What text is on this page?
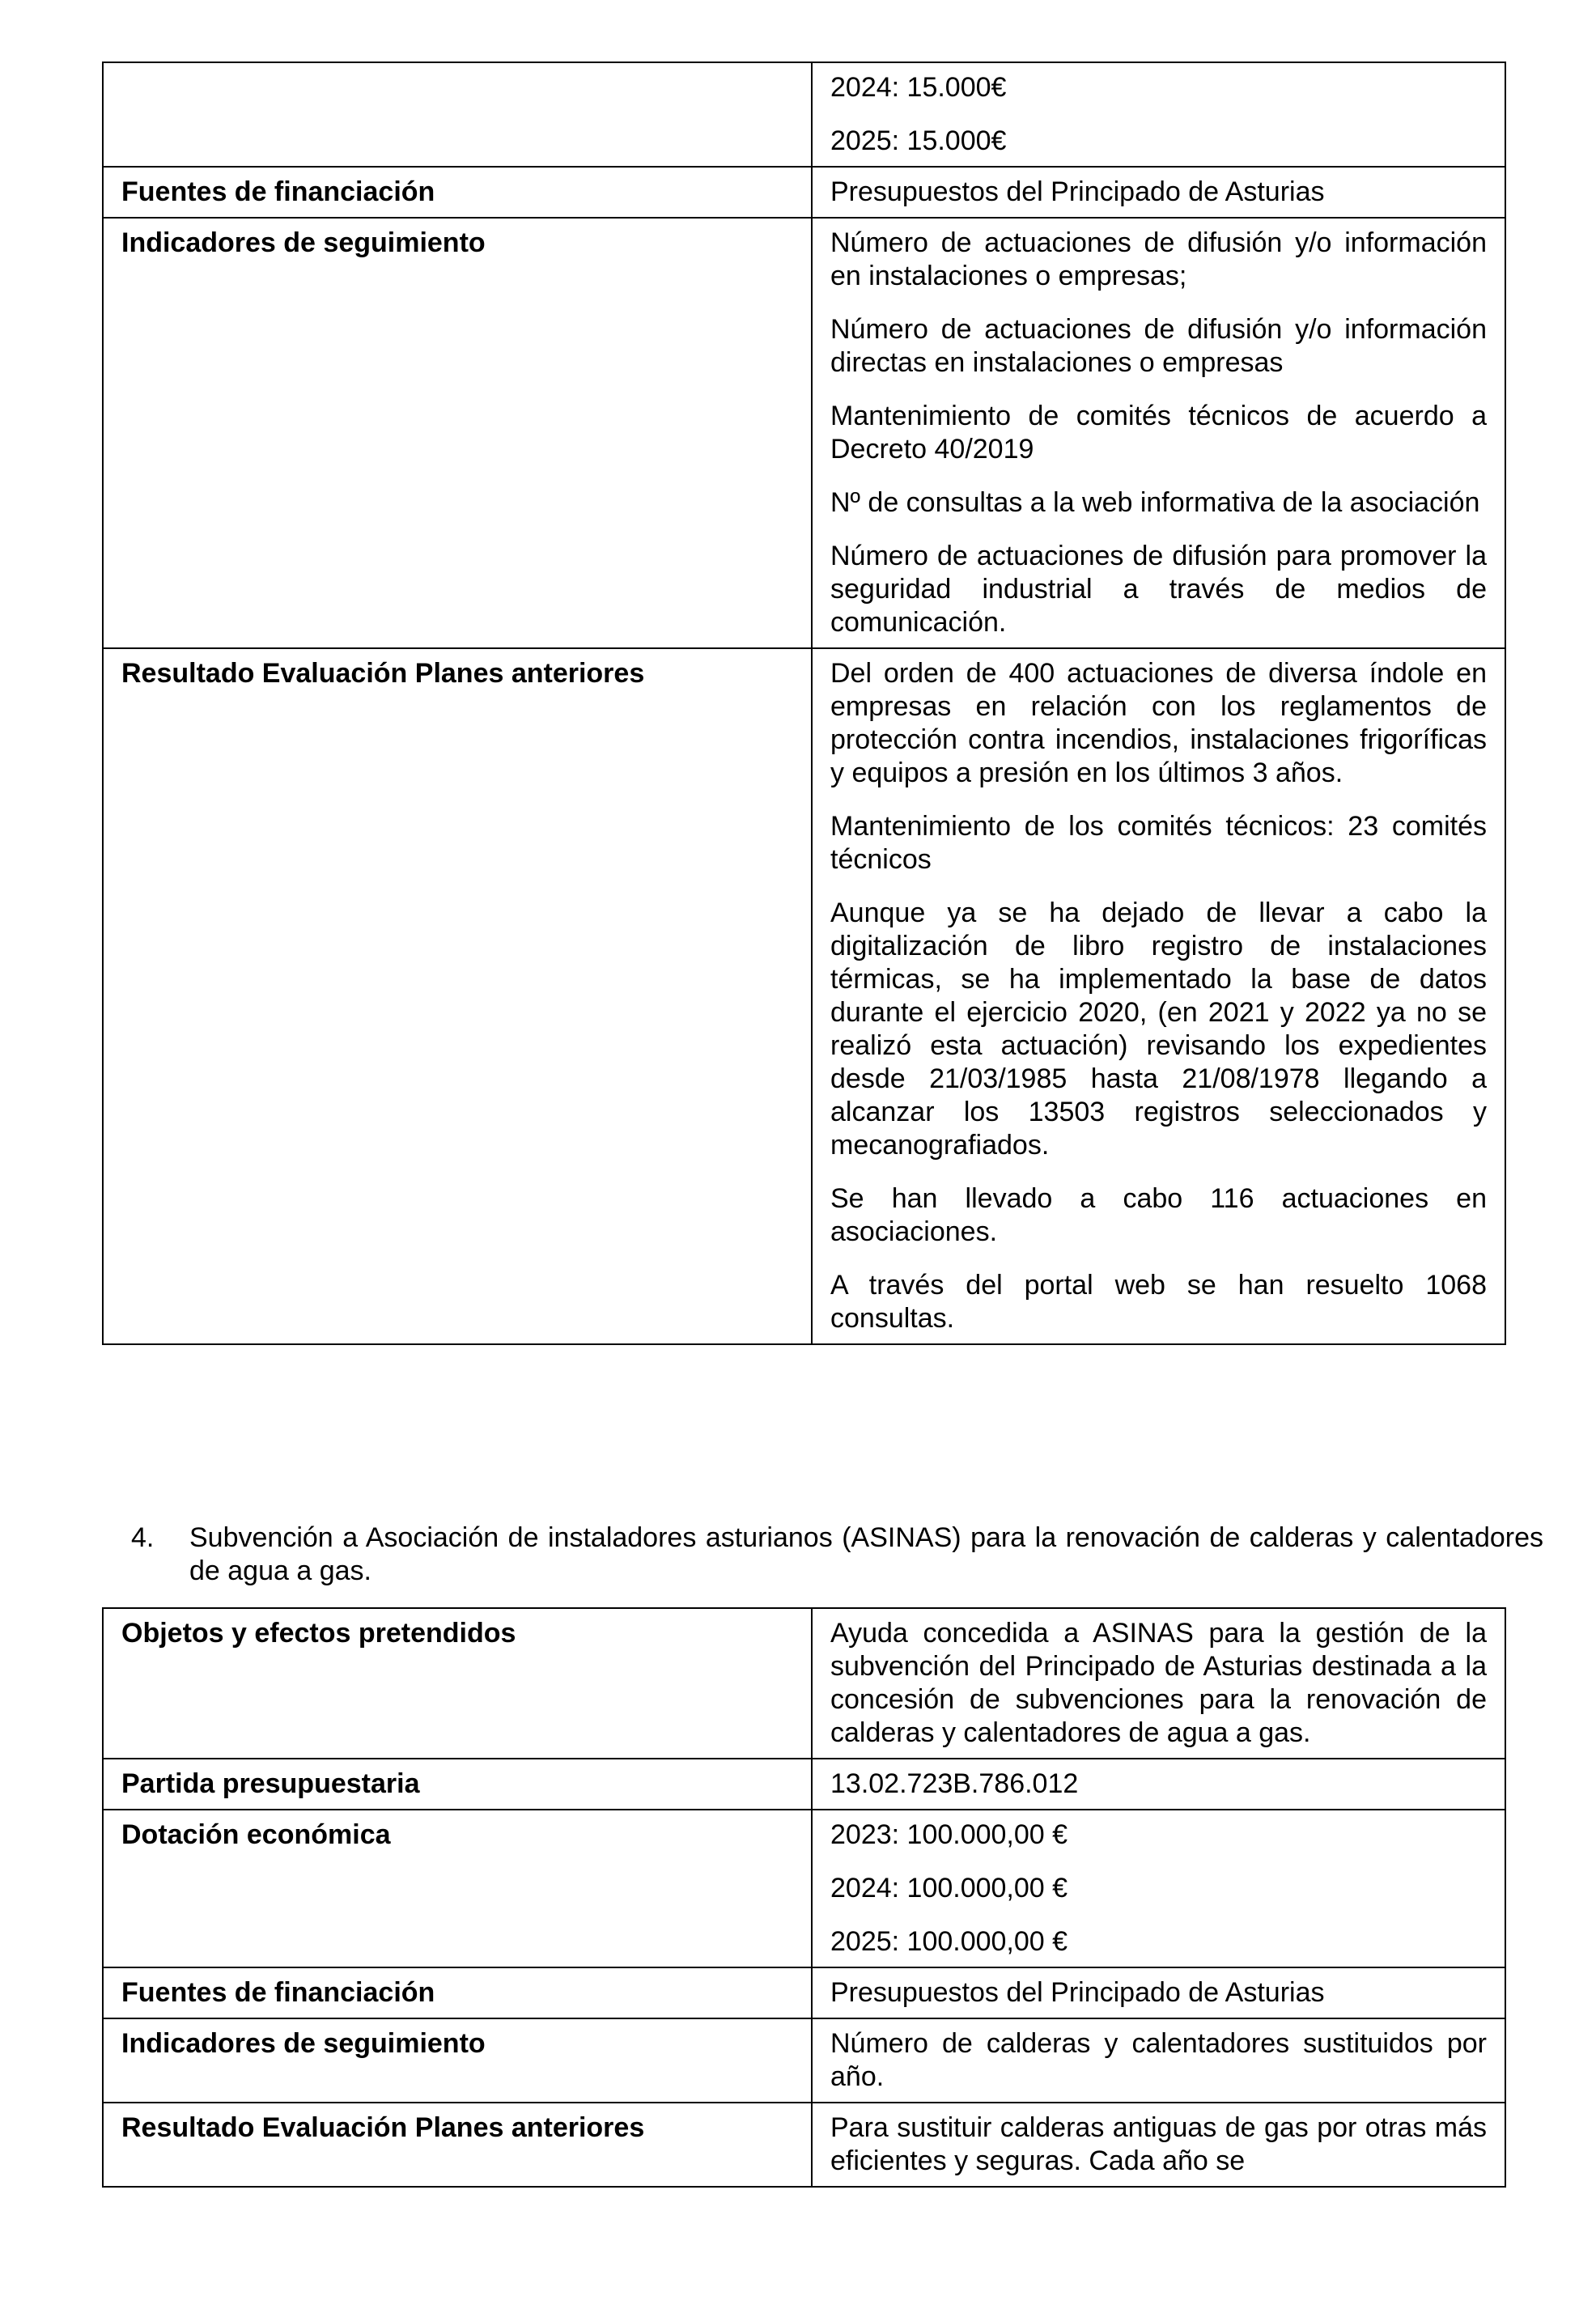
	2024: 15.000€

2025: 15.000€

Fuentes de financiación	Presupuestos del Principado de Asturias

Indicadores de seguimiento	Número de actuaciones de difusión y/o información en instalaciones o empresas;

Número de actuaciones de difusión y/o información directas en instalaciones o empresas

Mantenimiento de comités técnicos de acuerdo a Decreto 40/2019

Nº de consultas a la web informativa de la asociación

Número de actuaciones de difusión para promover la seguridad industrial a través de medios de comunicación.

Resultado Evaluación Planes anteriores	Del orden de 400 actuaciones de diversa índole en empresas en relación con los reglamentos de protección contra incendios, instalaciones frigoríficas y equipos a presión en los últimos 3 años.

Mantenimiento de los comités técnicos: 23 comités técnicos

Aunque ya se ha dejado de llevar a cabo la digitalización de libro registro de instalaciones térmicas, se ha implementado la base de datos durante el ejercicio 2020, (en 2021 y 2022 ya no se realizó esta actuación) revisando los expedientes desde 21/03/1985 hasta 21/08/1978 llegando a alcanzar los 13503 registros seleccionados y mecanografiados.

Se han llevado a cabo 116 actuaciones en asociaciones.

A través del portal web se han resuelto 1068 consultas.

4. Subvención a Asociación de instaladores asturianos (ASINAS) para la renovación de calderas y calentadores de agua a gas.
Objetos y efectos pretendidos	Ayuda concedida a ASINAS para la gestión de la subvención del Principado de Asturias destinada a la concesión de subvenciones para la renovación de calderas y calentadores de agua a gas.

Partida presupuestaria	13.02.723B.786.012

Dotación económica	2023: 100.000,00 €

2024: 100.000,00 €

2025: 100.000,00 €

Fuentes de financiación	Presupuestos del Principado de Asturias

Indicadores de seguimiento	Número de calderas y calentadores sustituidos por año.

Resultado Evaluación Planes anteriores	Para sustituir calderas antiguas de gas por otras más eficientes y seguras. Cada año se
